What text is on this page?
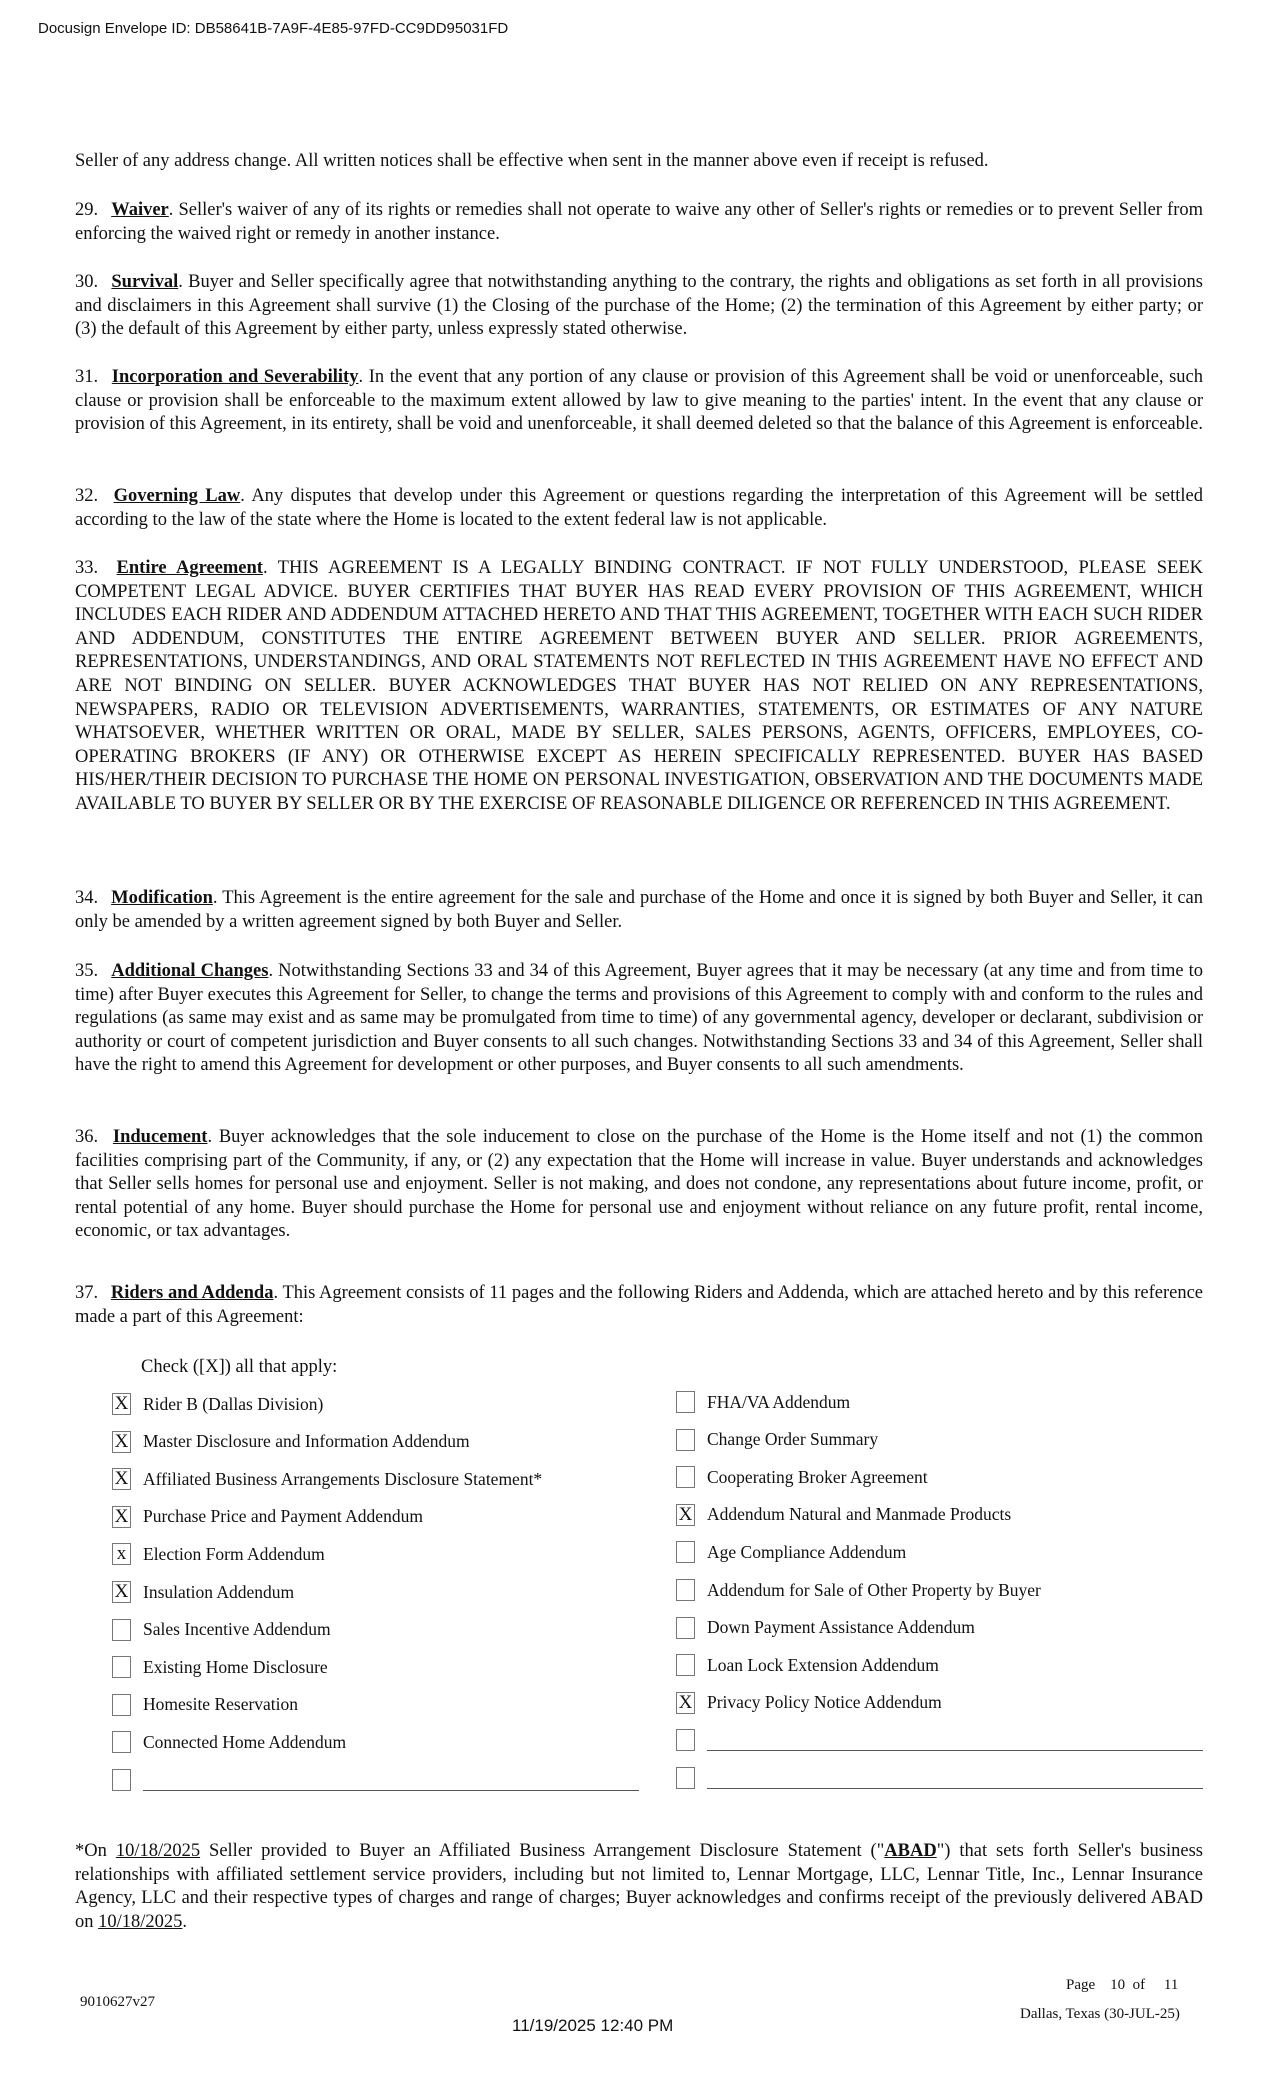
Docusign Envelope ID: DB58641B-7A9F-4E85-97FD-CC9DD95031FD
Seller of any address change. All written notices shall be effective when sent in the manner above even if receipt is refused.
29. Waiver. Seller's waiver of any of its rights or remedies shall not operate to waive any other of Seller's rights or remedies or to prevent Seller from enforcing the waived right or remedy in another instance.
30. Survival. Buyer and Seller specifically agree that notwithstanding anything to the contrary, the rights and obligations as set forth in all provisions and disclaimers in this Agreement shall survive (1) the Closing of the purchase of the Home; (2) the termination of this Agreement by either party; or (3) the default of this Agreement by either party, unless expressly stated otherwise.
31. Incorporation and Severability. In the event that any portion of any clause or provision of this Agreement shall be void or unenforceable, such clause or provision shall be enforceable to the maximum extent allowed by law to give meaning to the parties' intent. In the event that any clause or provision of this Agreement, in its entirety, shall be void and unenforceable, it shall deemed deleted so that the balance of this Agreement is enforceable.
32. Governing Law. Any disputes that develop under this Agreement or questions regarding the interpretation of this Agreement will be settled according to the law of the state where the Home is located to the extent federal law is not applicable.
33. Entire Agreement. THIS AGREEMENT IS A LEGALLY BINDING CONTRACT. IF NOT FULLY UNDERSTOOD, PLEASE SEEK COMPETENT LEGAL ADVICE. BUYER CERTIFIES THAT BUYER HAS READ EVERY PROVISION OF THIS AGREEMENT, WHICH INCLUDES EACH RIDER AND ADDENDUM ATTACHED HERETO AND THAT THIS AGREEMENT, TOGETHER WITH EACH SUCH RIDER AND ADDENDUM, CONSTITUTES THE ENTIRE AGREEMENT BETWEEN BUYER AND SELLER. PRIOR AGREEMENTS, REPRESENTATIONS, UNDERSTANDINGS, AND ORAL STATEMENTS NOT REFLECTED IN THIS AGREEMENT HAVE NO EFFECT AND ARE NOT BINDING ON SELLER. BUYER ACKNOWLEDGES THAT BUYER HAS NOT RELIED ON ANY REPRESENTATIONS, NEWSPAPERS, RADIO OR TELEVISION ADVERTISEMENTS, WARRANTIES, STATEMENTS, OR ESTIMATES OF ANY NATURE WHATSOEVER, WHETHER WRITTEN OR ORAL, MADE BY SELLER, SALES PERSONS, AGENTS, OFFICERS, EMPLOYEES, CO-OPERATING BROKERS (IF ANY) OR OTHERWISE EXCEPT AS HEREIN SPECIFICALLY REPRESENTED. BUYER HAS BASED HIS/HER/THEIR DECISION TO PURCHASE THE HOME ON PERSONAL INVESTIGATION, OBSERVATION AND THE DOCUMENTS MADE AVAILABLE TO BUYER BY SELLER OR BY THE EXERCISE OF REASONABLE DILIGENCE OR REFERENCED IN THIS AGREEMENT.
34. Modification. This Agreement is the entire agreement for the sale and purchase of the Home and once it is signed by both Buyer and Seller, it can only be amended by a written agreement signed by both Buyer and Seller.
35. Additional Changes. Notwithstanding Sections 33 and 34 of this Agreement, Buyer agrees that it may be necessary (at any time and from time to time) after Buyer executes this Agreement for Seller, to change the terms and provisions of this Agreement to comply with and conform to the rules and regulations (as same may exist and as same may be promulgated from time to time) of any governmental agency, developer or declarant, subdivision or authority or court of competent jurisdiction and Buyer consents to all such changes. Notwithstanding Sections 33 and 34 of this Agreement, Seller shall have the right to amend this Agreement for development or other purposes, and Buyer consents to all such amendments.
36. Inducement. Buyer acknowledges that the sole inducement to close on the purchase of the Home is the Home itself and not (1) the common facilities comprising part of the Community, if any, or (2) any expectation that the Home will increase in value. Buyer understands and acknowledges that Seller sells homes for personal use and enjoyment. Seller is not making, and does not condone, any representations about future income, profit, or rental potential of any home. Buyer should purchase the Home for personal use and enjoyment without reliance on any future profit, rental income, economic, or tax advantages.
37. Riders and Addenda. This Agreement consists of 11 pages and the following Riders and Addenda, which are attached hereto and by this reference made a part of this Agreement:
Check ([X]) all that apply:
X Rider B (Dallas Division)
X Master Disclosure and Information Addendum
X Affiliated Business Arrangements Disclosure Statement*
X Purchase Price and Payment Addendum
x Election Form Addendum
X Insulation Addendum
Sales Incentive Addendum
Existing Home Disclosure
Homesite Reservation
Connected Home Addendum
FHA/VA Addendum
Change Order Summary
Cooperating Broker Agreement
X Addendum Natural and Manmade Products
Age Compliance Addendum
Addendum for Sale of Other Property by Buyer
Down Payment Assistance Addendum
Loan Lock Extension Addendum
X Privacy Policy Notice Addendum
*On 10/18/2025 Seller provided to Buyer an Affiliated Business Arrangement Disclosure Statement ("ABAD") that sets forth Seller's business relationships with affiliated settlement service providers, including but not limited to, Lennar Mortgage, LLC, Lennar Title, Inc., Lennar Insurance Agency, LLC and their respective types of charges and range of charges; Buyer acknowledges and confirms receipt of the previously delivered ABAD on 10/18/2025.
9010627v27
Page 10 of 11
Dallas, Texas (30-JUL-25)
11/19/2025 12:40 PM
